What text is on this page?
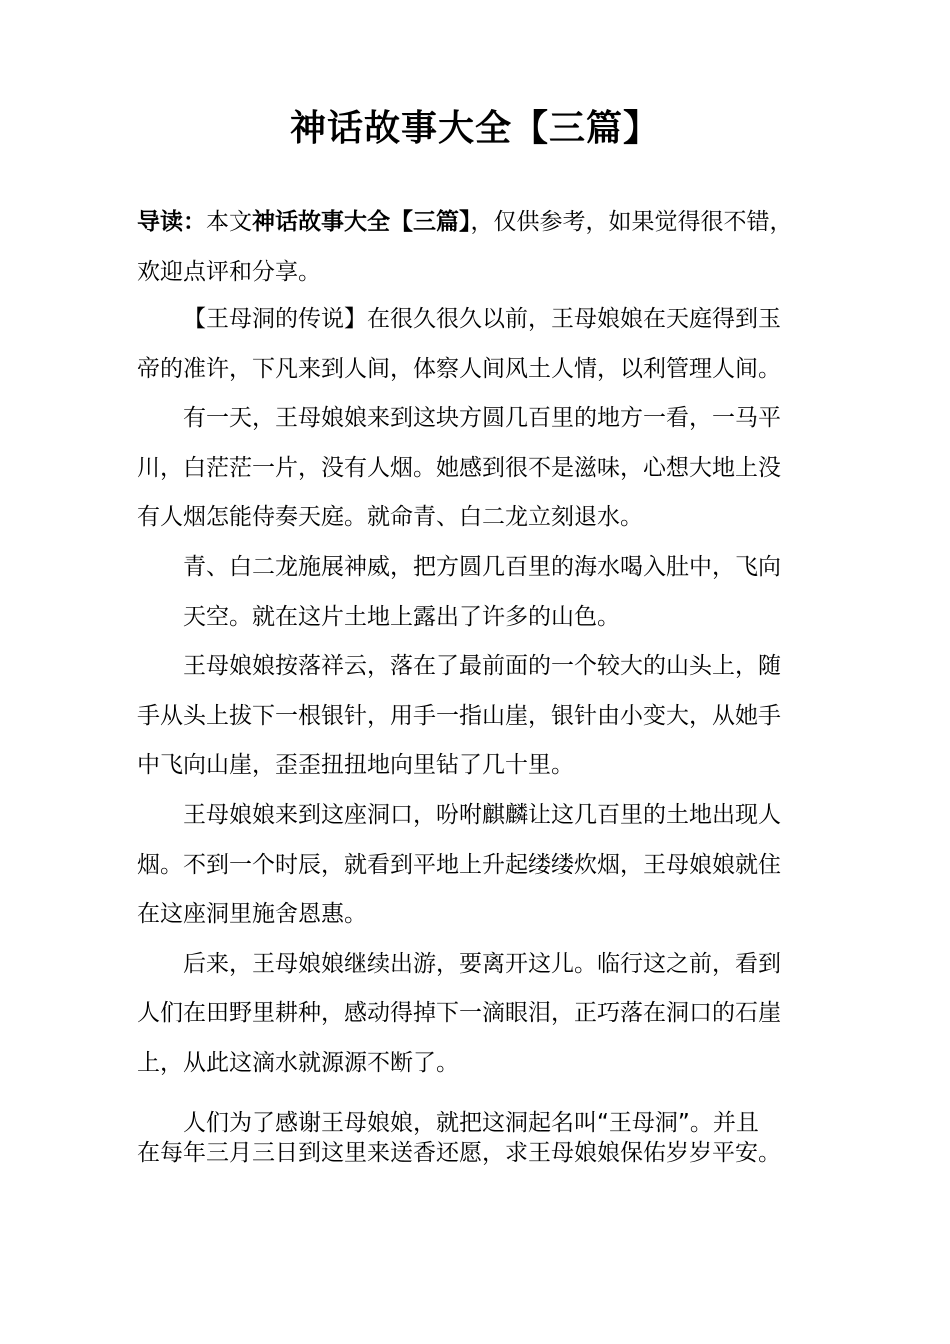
神话故事大全【三篇】
导读：本文神话故事大全【三篇】，仅供参考，如果觉得很不错，
欢迎点评和分享。
【王母洞的传说】在很久很久以前，王母娘娘在天庭得到玉
帝的准许，下凡来到人间，体察人间风土人情，以利管理人间。
有一天，王母娘娘来到这块方圆几百里的地方一看，一马平
川，白茫茫一片，没有人烟。她感到很不是滋味，心想大地上没
有人烟怎能侍奏天庭。就命青、白二龙立刻退水。
青、白二龙施展神威，把方圆几百里的海水喝入肚中，飞向
天空。就在这片土地上露出了许多的山色。
王母娘娘按落祥云，落在了最前面的一个较大的山头上，随
手从头上拔下一根银针，用手一指山崖，银针由小变大，从她手
中飞向山崖，歪歪扭扭地向里钻了几十里。
王母娘娘来到这座洞口，吩咐麒麟让这几百里的土地出现人
烟。不到一个时辰，就看到平地上升起缕缕炊烟，王母娘娘就住
在这座洞里施舍恩惠。
后来，王母娘娘继续出游，要离开这儿。临行这之前，看到
人们在田野里耕种，感动得掉下一滴眼泪，正巧落在洞口的石崖
上，从此这滴水就源源不断了。
人们为了感谢王母娘娘，就把这洞起名叫“王母洞”。并且
在每年三月三日到这里来送香还愿，求王母娘娘保佑岁岁平安。
